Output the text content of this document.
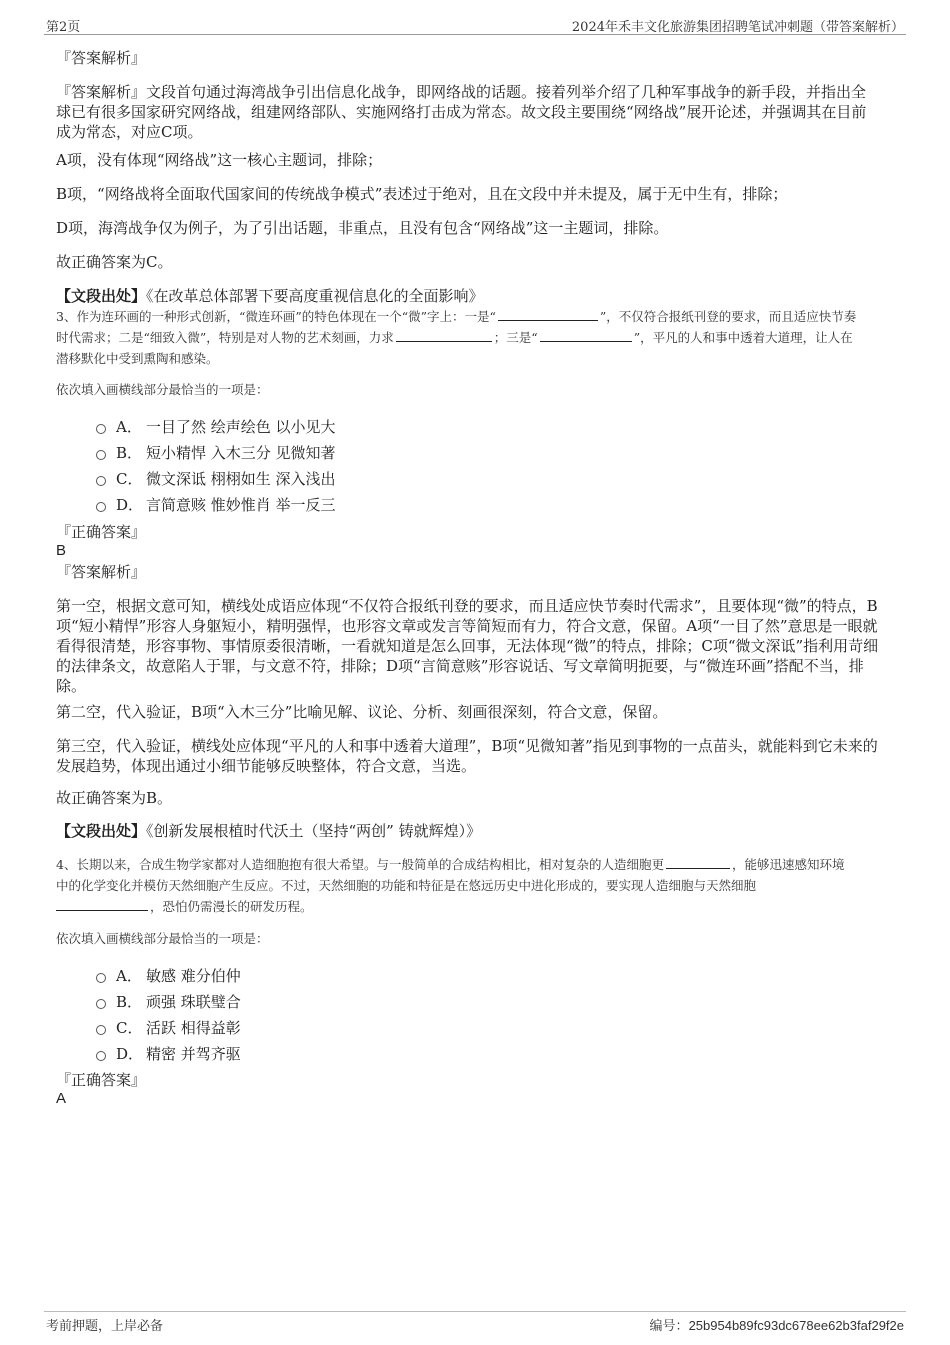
第2页	2024年禾丰文化旅游集团招聘笔试冲刺题（带答案解析）

『答案解析』

『答案解析』文段首句通过海湾战争引出信息化战争，即网络战的话题。接着列举介绍了几种军事战争的新手段，并指出全

球已有很多国家研究网络战，组建网络部队、实施网络打击成为常态。故文段主要围绕“网络战”展开论述，并强调其在目前

成为常态，对应C项。

A项，没有体现“网络战”这一核心主题词，排除；

B项，“网络战将全面取代国家间的传统战争模式”表述过于绝对，且在文段中并未提及，属于无中生有，排除；

D项，海湾战争仅为例子，为了引出话题，非重点，且没有包含“网络战”这一主题词，排除。

故正确答案为C。

【文段出处】《在改革总体部署下要高度重视信息化的全面影响》

3、作为连环画的一种形式创新，“微连环画”的特色体现在一个“微”字上：一是“	”，不仅符合报纸刊登的要求，而且适应快节奏
时代需求；二是“细致入微”，特别是对人物的艺术刻画，力求	；三是“	”，平凡的人和事中透着大道理，让人在
潜移默化中受到熏陶和感染。

依次填入画横线部分最恰当的一项是：

A． 一目了然 绘声绘色 以小见大
B． 短小精悍 入木三分 见微知著
C． 微文深诋 栩栩如生 深入浅出
D． 言简意赅 惟妙惟肖 举一反三

『正确答案』

B

『答案解析』

第一空，根据文意可知，横线处成语应体现“不仅符合报纸刊登的要求，而且适应快节奏时代需求”，且要体现“微”的特点，B

项“短小精悍”形容人身躯短小，精明强悍，也形容文章或发言等简短而有力，符合文意，保留。A项“一目了然”意思是一眼就

看得很清楚，形容事物、事情原委很清晰，一看就知道是怎么回事，无法体现“微”的特点，排除；C项“微文深诋”指利用苛细

的法律条文，故意陷人于罪，与文意不符，排除；D项“言简意赅”形容说话、写文章简明扼要，与“微连环画”搭配不当，排

除。

第二空，代入验证，B项“入木三分”比喻见解、议论、分析、刻画很深刻，符合文意，保留。

第三空，代入验证，横线处应体现“平凡的人和事中透着大道理”，B项“见微知著”指见到事物的一点苗头，就能料到它未来的

发展趋势，体现出通过小细节能够反映整体，符合文意，当选。

故正确答案为B。

【文段出处】《创新发展根植时代沃土（坚持“两创” 铸就辉煌）》

4、长期以来，合成生物学家都对人造细胞抱有很大希望。与一般简单的合成结构相比，相对复杂的人造细胞更	，能够迅速感知环境
中的化学变化并模仿天然细胞产生反应。不过，天然细胞的功能和特征是在悠远历史中进化形成的，要实现人造细胞与天然细胞
，恐怕仍需漫长的研发历程。

依次填入画横线部分最恰当的一项是：

A． 敏感 难分伯仲
B． 顽强 珠联璧合
C． 活跃 相得益彰
D． 精密 并驾齐驱

『正确答案』

A

考前押题，上岸必备	编号：25b954b89fc93dc678ee62b3faf29f2e
